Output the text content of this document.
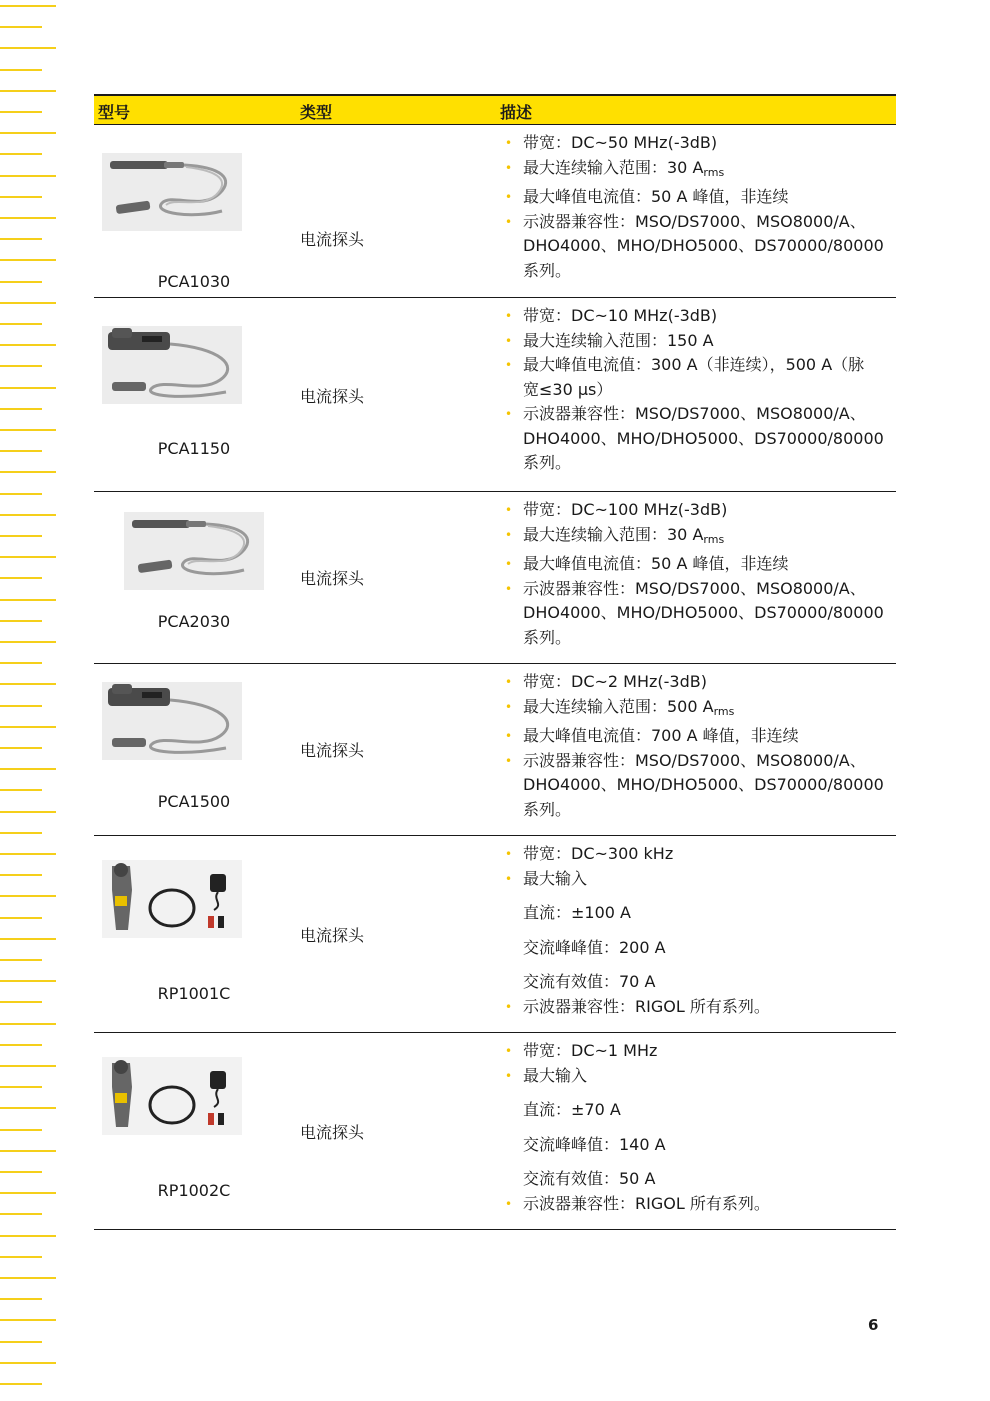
型号	类型	描述
PCA1030
电流探头
• 带宽：DC~50 MHz(-3dB)
• 最大连续输入范围：30 $A_{rms}$
• 最大峰值电流值：50 A 峰值，非连续
• 示波器兼容性：MSO/DS7000、MSO8000/A、
DHO4000、MHO/DHO5000、DS70000/80000
系列。
PCA1150
电流探头
• 带宽：DC~10 MHz(-3dB)
• 最大连续输入范围：150 A
• 最大峰值电流值：300 A（非连续），500 A（脉
宽≤30 μs）
• 示波器兼容性：MSO/DS7000、MSO8000/A、
DHO4000、MHO/DHO5000、DS70000/80000
系列。
PCA2030
电流探头
• 带宽：DC~100 MHz(-3dB)
• 最大连续输入范围：30 $A_{rms}$
• 最大峰值电流值：50 A 峰值，非连续
• 示波器兼容性：MSO/DS7000、MSO8000/A、
DHO4000、MHO/DHO5000、DS70000/80000
系列。
PCA1500
电流探头
• 带宽：DC~2 MHz(-3dB)
• 最大连续输入范围：500 $A_{rms}$
• 最大峰值电流值：700 A 峰值，非连续
• 示波器兼容性：MSO/DS7000、MSO8000/A、
DHO4000、MHO/DHO5000、DS70000/80000
系列。
RP1001C
电流探头
• 带宽：DC~300 kHz
• 最大输入
直流：±100 A
交流峰峰值：200 A
交流有效值：70 A
• 示波器兼容性：RIGOL 所有系列。
RP1002C
电流探头
• 带宽：DC~1 MHz
• 最大输入
直流：±70 A
交流峰峰值：140 A
交流有效值：50 A
• 示波器兼容性：RIGOL 所有系列。
6
